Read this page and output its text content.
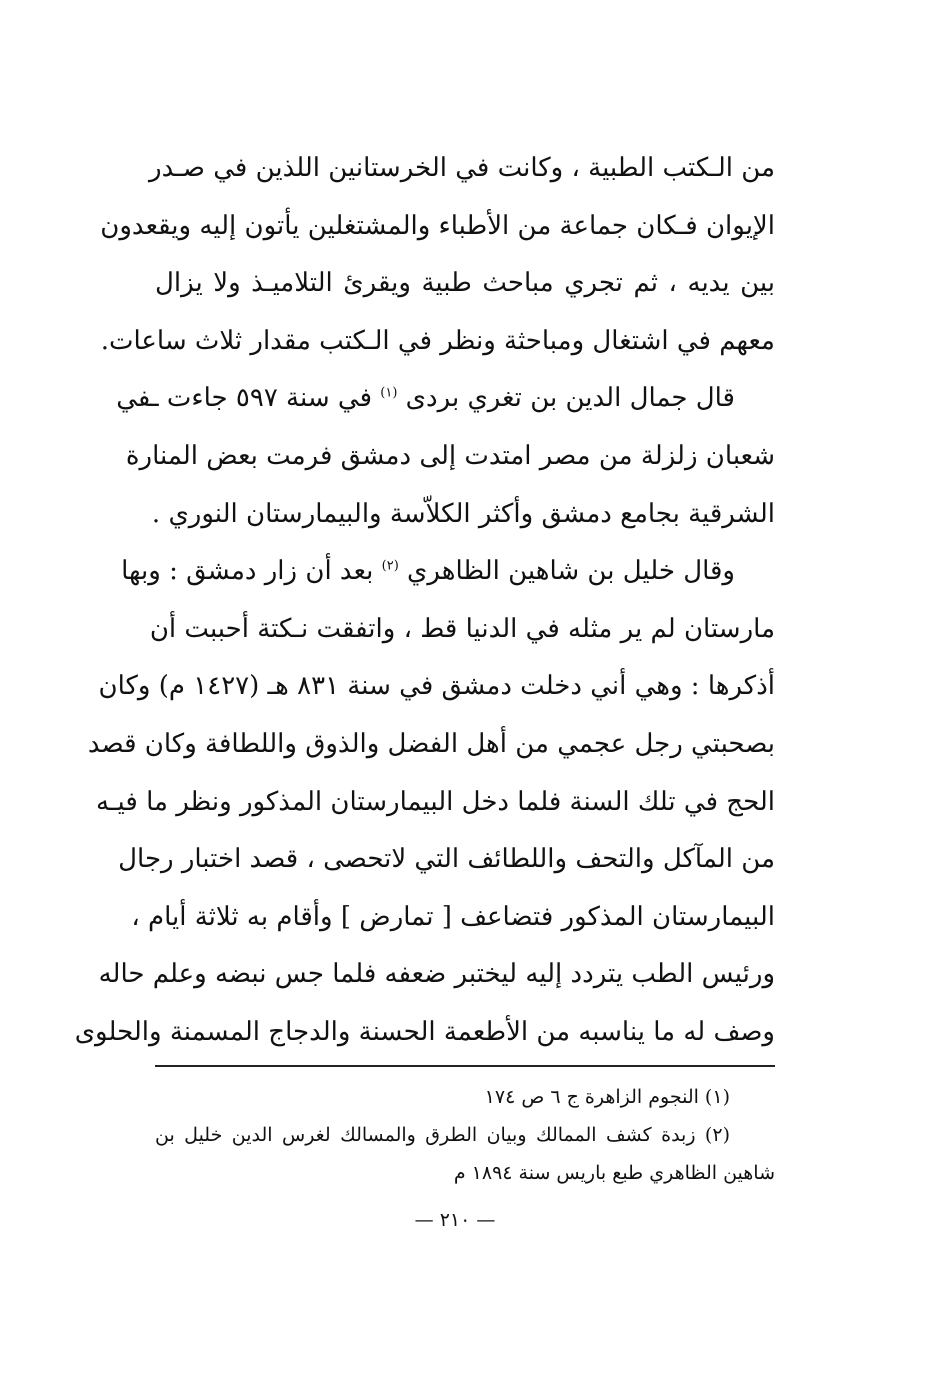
من الـكتب الطبية ، وكانت في الخرستانين اللذين في صـدر
الإيوان فـكان جماعة من الأطباء والمشتغلين يأتون إليه ويقعدون
بين يديه ، ثم تجري مباحث طبية ويقرئ التلاميـذ ولا يزال
معهم في اشتغال ومباحثة ونظر في الـكتب مقدار ثلاث ساعات.
قال جمال الدين بن تغري بردى $^{(١)}$ في سنة ٥٩٧ جاءت ـفي
شعبان زلزلة من مصر امتدت إلى دمشق فرمت بعض المنارة
الشرقية بجامع دمشق وأكثر الكلاّسة والبيمارستان النوري .
وقال خليل بن شاهين الظاهري $^{(٢)}$ بعد أن زار دمشق : وبها
مارستان لم ير مثله في الدنيا قط ، واتفقت نـكتة أحببت أن
أذكرها : وهي أني دخلت دمشق في سنة ٨٣١ هـ (١٤٢٧ م) وكان
بصحبتي رجل عجمي من أهل الفضل والذوق واللطافة وكان قصد
الحج في تلك السنة فلما دخل البيمارستان المذكور ونظر ما فيـه
من المآكل والتحف واللطائف التي لاتحصى ، قصد اختبار رجال
البيمارستان المذكور فتضاعف [ تمارض ] وأقام به ثلاثة أيام ،
ورئيس الطب يتردد إليه ليختبر ضعفه فلما جس نبضه وعلم حاله
وصف له ما يناسبه من الأطعمة الحسنة والدجاج المسمنة والحلوى
(١) النجوم الزاهرة ج ٦ ص ١٧٤
(٢) زبدة كشف الممالك وبيان الطرق والمسالك لغرس الدين خليل بن
شاهين الظاهري طبع باريس سنة ١٨٩٤ م
— ٢١٠ —
